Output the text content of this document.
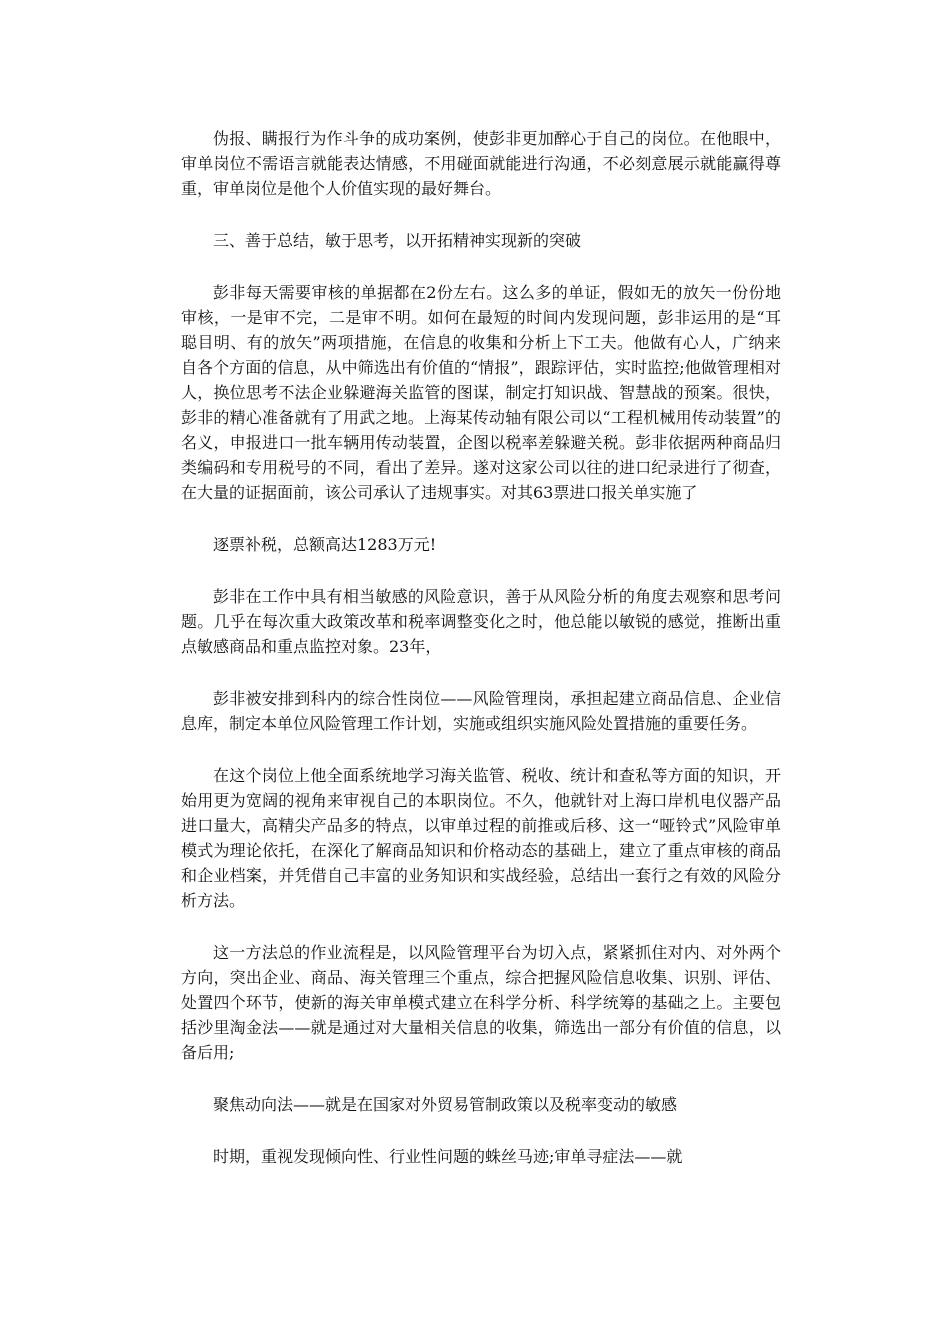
伪报、瞒报行为作斗争的成功案例，使彭非更加醉心于自己的岗位。在他眼中，审单岗位不需语言就能表达情感，不用碰面就能进行沟通，不必刻意展示就能赢得尊重，审单岗位是他个人价值实现的最好舞台。

三、善于总结，敏于思考，以开拓精神实现新的突破

彭非每天需要审核的单据都在2份左右。这么多的单证，假如无的放矢一份份地审核，一是审不完，二是审不明。如何在最短的时间内发现问题，彭非运用的是“耳聪目明、有的放矢”两项措施，在信息的收集和分析上下工夫。他做有心人，广纳来自各个方面的信息，从中筛选出有价值的“情报”，跟踪评估，实时监控;他做管理相对人，换位思考不法企业躲避海关监管的图谋，制定打知识战、智慧战的预案。很快，彭非的精心准备就有了用武之地。上海某传动轴有限公司以“工程机械用传动装置”的名义，申报进口一批车辆用传动装置，企图以税率差躲避关税。彭非依据两种商品归类编码和专用税号的不同，看出了差异。遂对这家公司以往的进口纪录进行了彻查，在大量的证据面前，该公司承认了违规事实。对其63票进口报关单实施了

逐票补税，总额高达1283万元!

彭非在工作中具有相当敏感的风险意识，善于从风险分析的角度去观察和思考问题。几乎在每次重大政策改革和税率调整变化之时，他总能以敏锐的感觉，推断出重点敏感商品和重点监控对象。23年，

彭非被安排到科内的综合性岗位——风险管理岗，承担起建立商品信息、企业信息库，制定本单位风险管理工作计划，实施或组织实施风险处置措施的重要任务。

在这个岗位上他全面系统地学习海关监管、税收、统计和查私等方面的知识，开始用更为宽阔的视角来审视自己的本职岗位。不久，他就针对上海口岸机电仪器产品进口量大，高精尖产品多的特点，以审单过程的前推或后移、这一“哑铃式”风险审单模式为理论依托，在深化了解商品知识和价格动态的基础上，建立了重点审核的商品和企业档案，并凭借自己丰富的业务知识和实战经验，总结出一套行之有效的风险分析方法。

这一方法总的作业流程是，以风险管理平台为切入点，紧紧抓住对内、对外两个方向，突出企业、商品、海关管理三个重点，综合把握风险信息收集、识别、评估、处置四个环节，使新的海关审单模式建立在科学分析、科学统筹的基础之上。主要包括沙里淘金法——就是通过对大量相关信息的收集，筛选出一部分有价值的信息，以备后用;

聚焦动向法——就是在国家对外贸易管制政策以及税率变动的敏感

时期，重视发现倾向性、行业性问题的蛛丝马迹;审单寻症法——就
